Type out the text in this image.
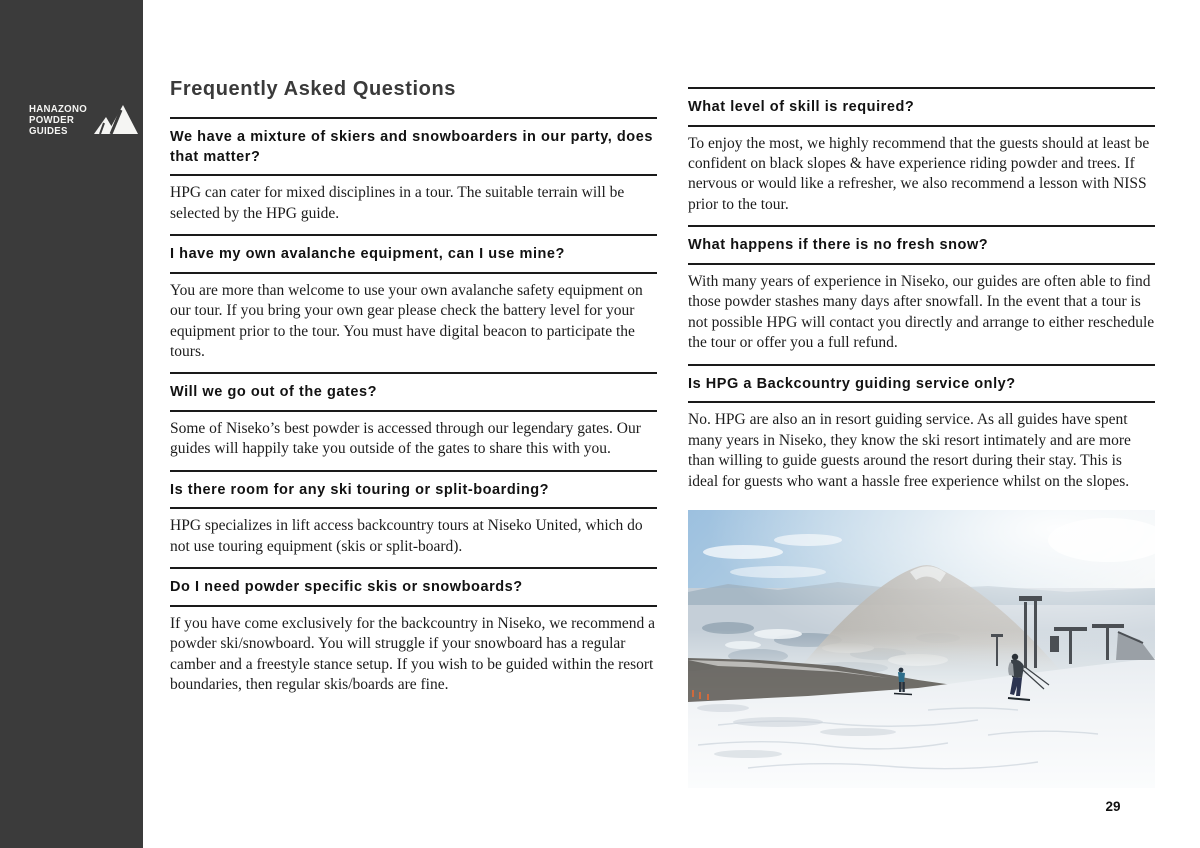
HANAZONO
POWDER
GUIDES
Frequently Asked Questions
We have a mixture of skiers and snowboarders in our party, does that matter?

HPG can cater for mixed disciplines in a tour. The suitable terrain will be selected by the HPG guide.

I have my own avalanche equipment, can I use mine?

You are more than welcome to use your own avalanche safety equipment on our tour. If you bring your own gear please check the battery level for your equipment prior to the tour. You must have digital beacon to participate the tours.

Will we go out of the gates?

Some of Niseko’s best powder is accessed through our legendary gates. Our guides will happily take you outside of the gates to share this with you.

Is there room for any ski touring or split-boarding?

HPG specializes in lift access backcountry tours at Niseko United, which do not use touring equipment (skis or split-board).

Do I need powder specific skis or snowboards?

If you have come exclusively for the backcountry in Niseko, we recommend a powder ski/snowboard. You will struggle if your snowboard has a regular camber and a freestyle stance setup. If you wish to be guided within the resort boundaries, then regular skis/boards are fine.

What level of skill is required?

To enjoy the most, we highly recommend that the guests should at least be confident on black slopes & have experience riding powder and trees. If nervous or would like a refresher, we also recommend a lesson with NISS prior to the tour.

What happens if there is no fresh snow?

With many years of experience in Niseko, our guides are often able to find those powder stashes many days after snowfall. In the event that a tour is not possible HPG will contact you directly and arrange to either reschedule the tour or offer you a full refund.

Is HPG a Backcountry guiding service only?

No. HPG are also an in resort guiding service. As all guides have spent many years in Niseko, they know the ski resort intimately and are more than willing to guide guests around the resort during their stay. This is ideal for guests who want a hassle free experience whilst on the slopes.

29
